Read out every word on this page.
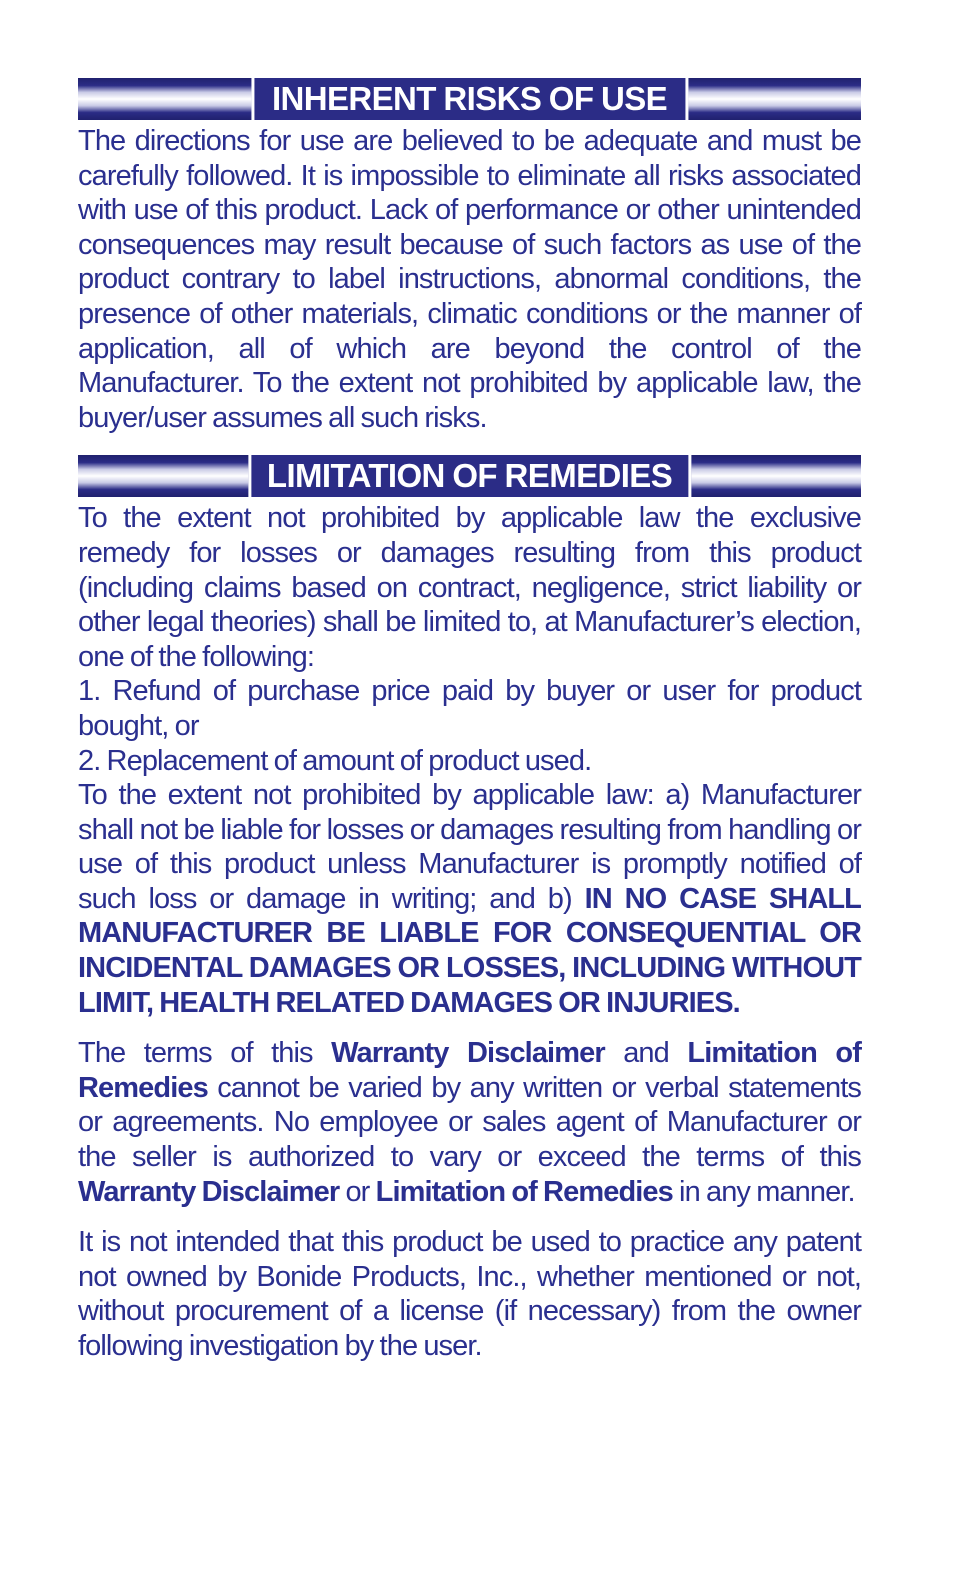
INHERENT RISKS OF USE

The directions for use are believed to be adequate and must be carefully followed. It is impossible to eliminate all risks associated with use of this product. Lack of performance or other unintended consequences may result because of such factors as use of the product contrary to label instructions, abnormal conditions, the presence of other materials, climatic conditions or the manner of application, all of which are beyond the control of the Manufacturer. To the extent not prohibited by applicable law, the buyer/user assumes all such risks.

LIMITATION OF REMEDIES

To the extent not prohibited by applicable law the exclusive remedy for losses or damages resulting from this product (including claims based on contract, negligence, strict liability or other legal theories) shall be limited to, at Manufacturer’s election, one of the following:

1. Refund of purchase price paid by buyer or user for product bought, or

2. Replacement of amount of product used.

To the extent not prohibited by applicable law: a) Manufacturer shall not be liable for losses or damages resulting from handling or use of this product unless Manufacturer is promptly notified of such loss or damage in writing; and b) IN NO CASE SHALL MANUFACTURER BE LIABLE FOR CONSEQUENTIAL OR INCIDENTAL DAMAGES OR LOSSES, INCLUDING WITHOUT LIMIT, HEALTH RELATED DAMAGES OR INJURIES.

The terms of this Warranty Disclaimer and Limitation of Remedies cannot be varied by any written or verbal statements or agreements. No employee or sales agent of Manufacturer or the seller is authorized to vary or exceed the terms of this Warranty Disclaimer or Limitation of Remedies in any manner.

It is not intended that this product be used to practice any patent not owned by Bonide Products, Inc., whether mentioned or not, without procurement of a license (if necessary) from the owner following investigation by the user.
